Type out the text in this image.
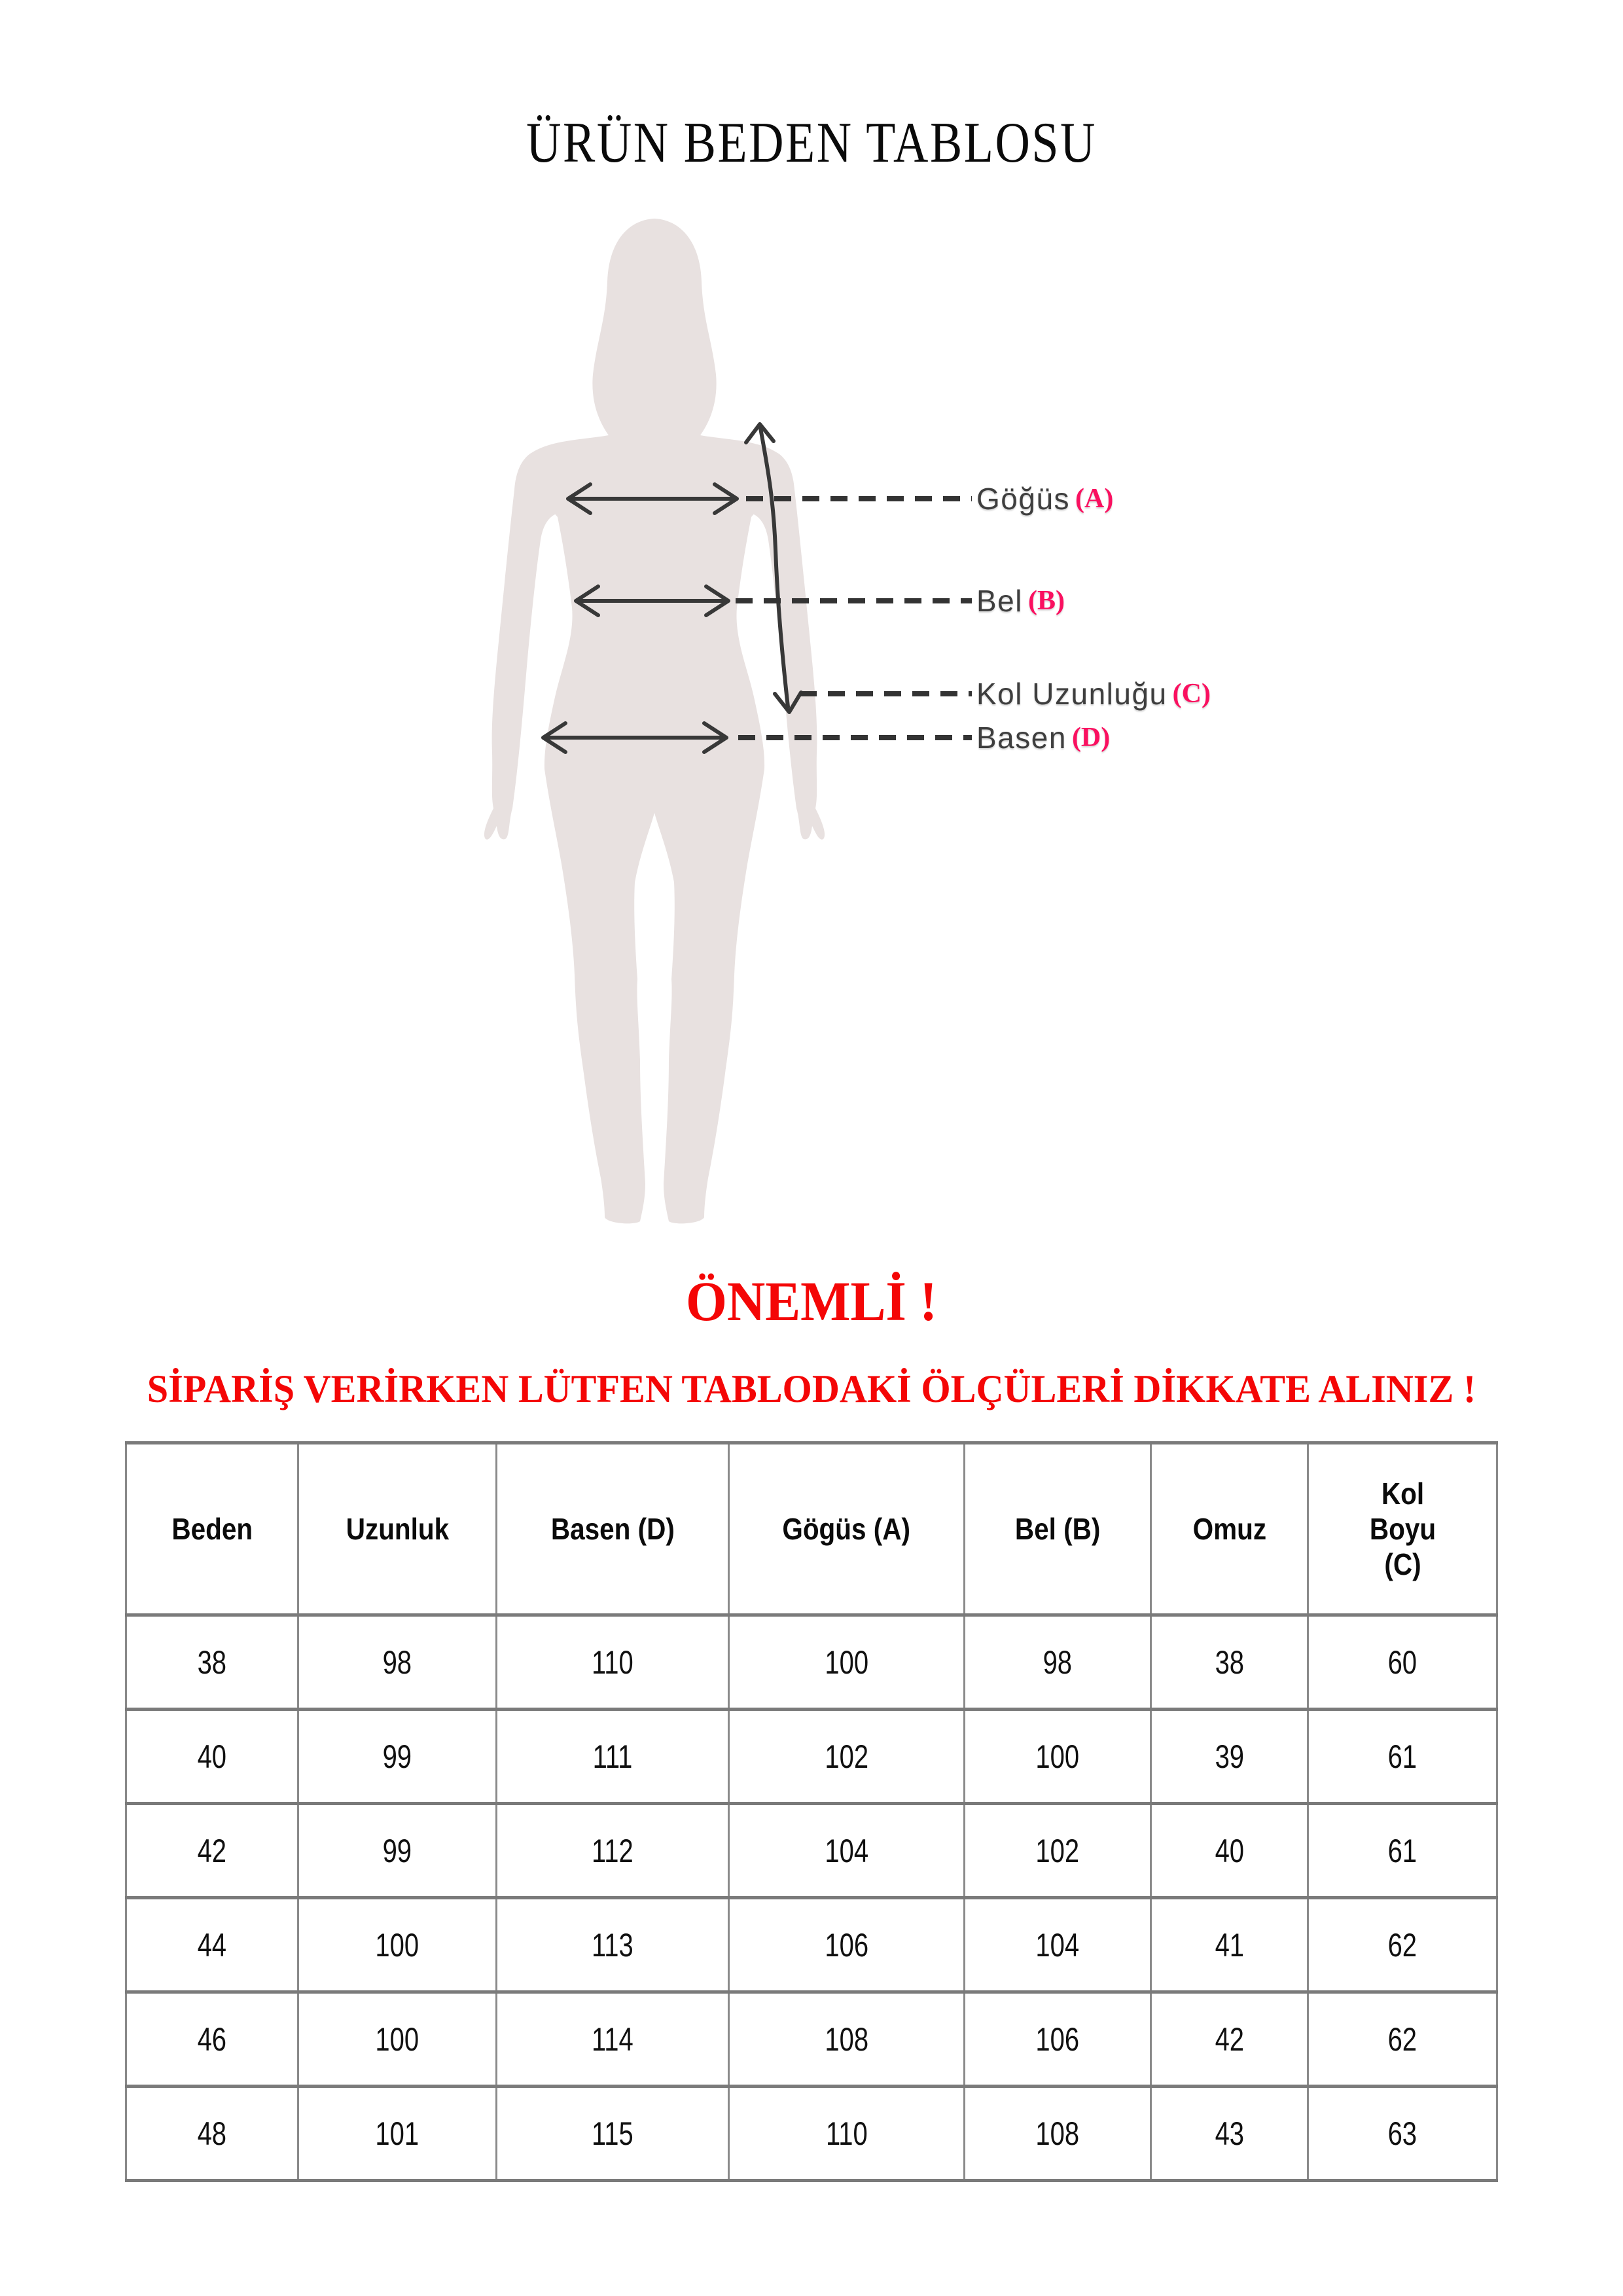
ÜRÜN BEDEN TABLOSU
Göğüs (A)
Bel (B)
Kol Uzunluğu (C)
Basen (D)
ÖNEMLİ !
SİPARİŞ VERİRKEN LÜTFEN TABLODAKİ ÖLÇÜLERİ DİKKATE ALINIZ !
Beden	Uzunluk	Basen (D)	Gögüs (A)	Bel (B)	Omuz	Kol Boyu (C)
38	98	110	100	98	38	60
40	99	111	102	100	39	61
42	99	112	104	102	40	61
44	100	113	106	104	41	62
46	100	114	108	106	42	62
48	101	115	110	108	43	63
